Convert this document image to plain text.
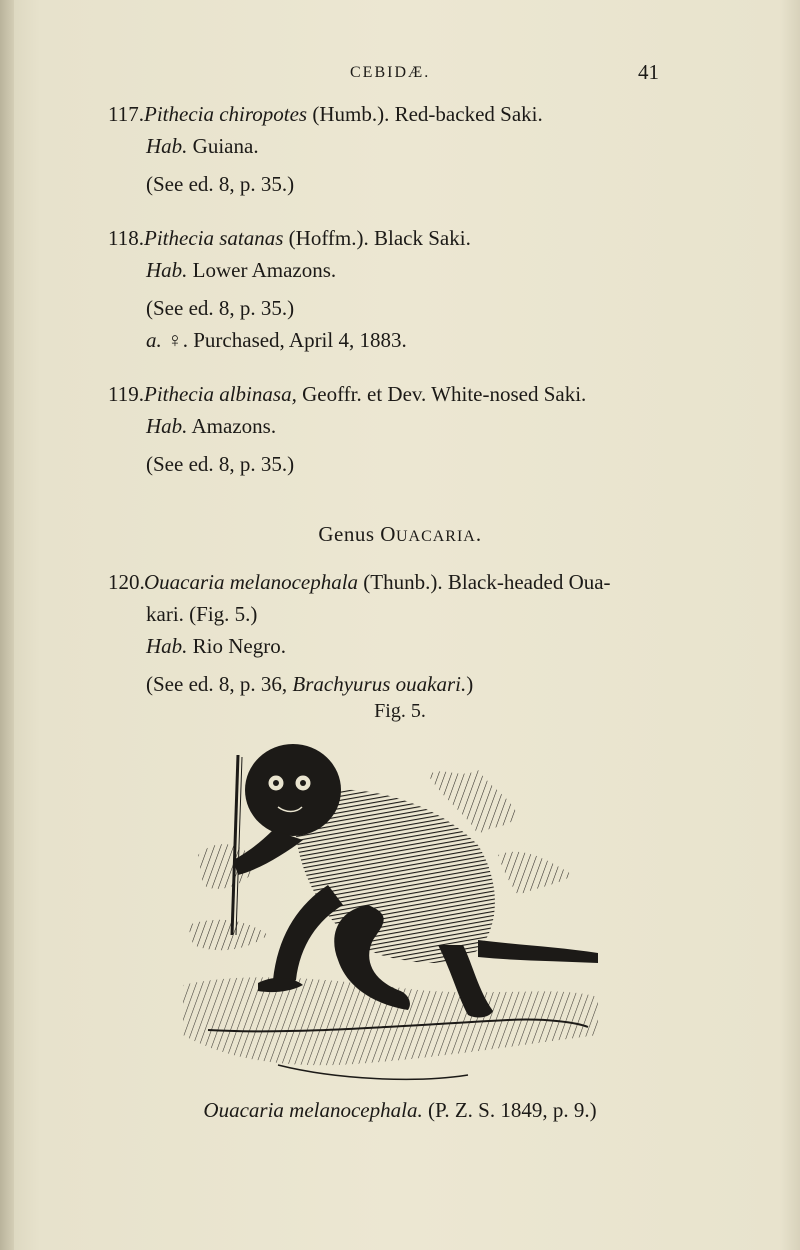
CEBIDÆ.	41
117.Pithecia chiropotes (Humb.). Red-backed Saki.
Hab. Guiana.
(See ed. 8, p. 35.)
118.Pithecia satanas (Hoffm.). Black Saki.
Hab. Lower Amazons.
(See ed. 8, p. 35.)
a. ♀. Purchased, April 4, 1883.
119.Pithecia albinasa, Geoffr. et Dev. White-nosed Saki.
Hab. Amazons.
(See ed. 8, p. 35.)
Genus OUACARIA.
120.Ouacaria melanocephala (Thunb.). Black-headed Oua-
kari. (Fig. 5.)
Hab. Rio Negro.
(See ed. 8, p. 36, Brachyurus ouakari.)
Fig. 5.
Ouacaria melanocephala. (P. Z. S. 1849, p. 9.)
